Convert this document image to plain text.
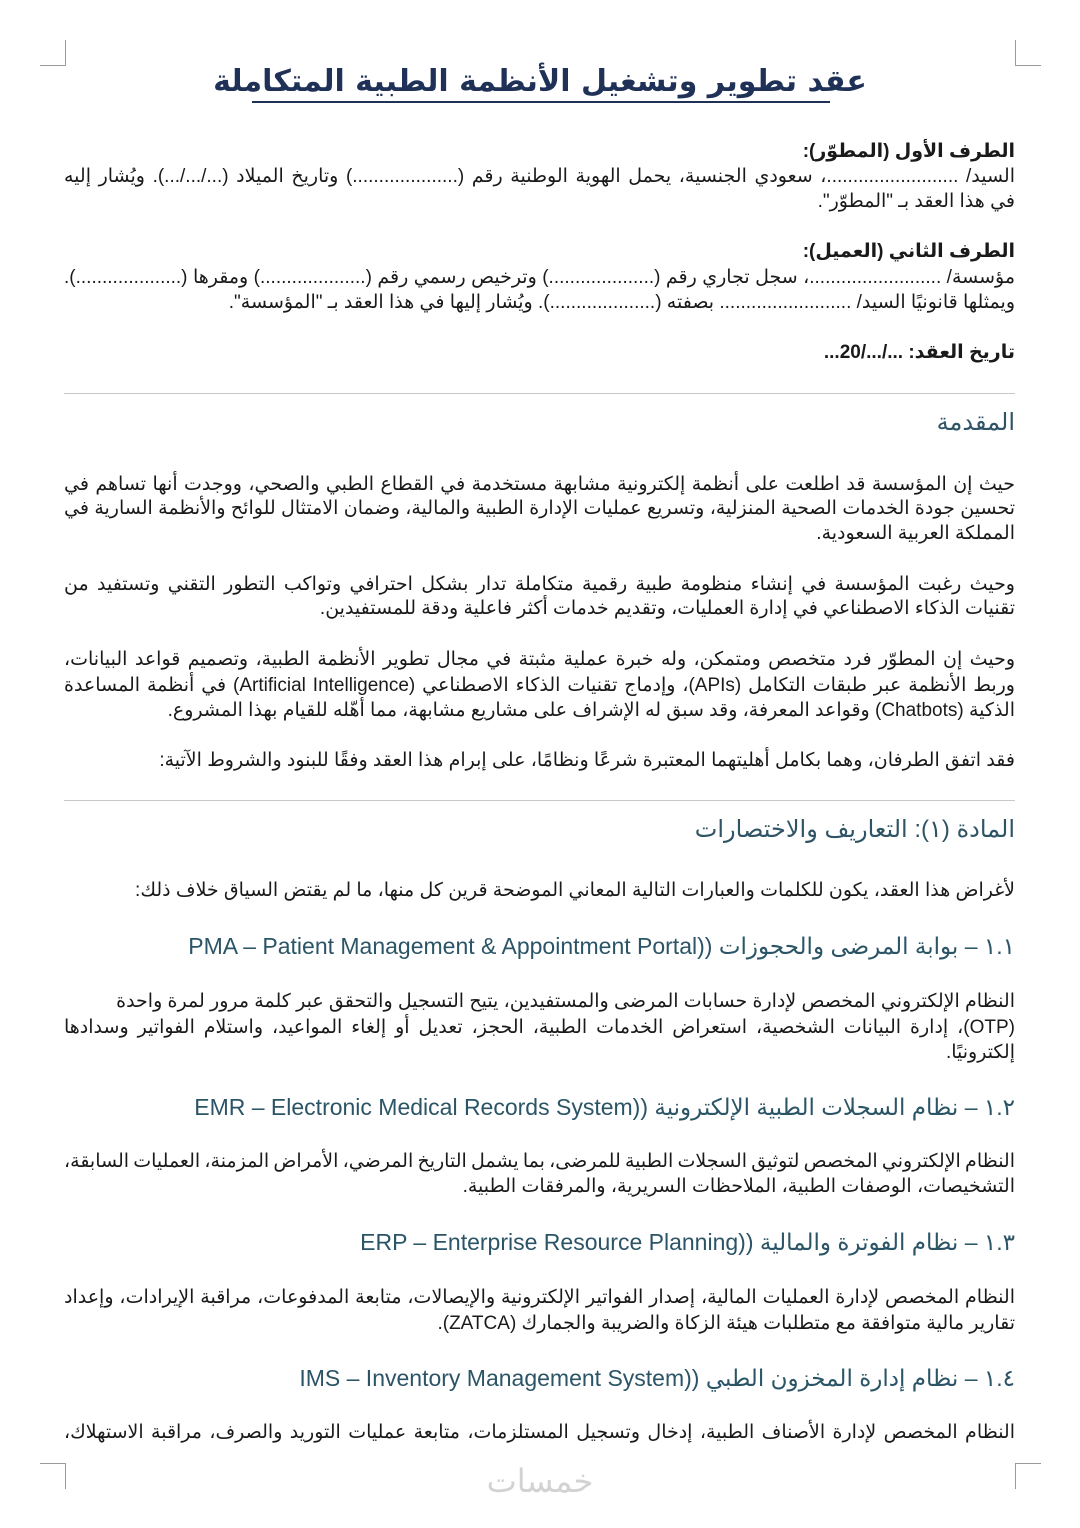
عقد تطوير وتشغيل الأنظمة الطبية المتكاملة
الطرف الأول (المطوّر):
السيد/ .........................، سعودي الجنسية، يحمل الهوية الوطنية رقم (....................) وتاريخ الميلاد (.../.../...). ويُشار إليه
في هذا العقد بـ "المطوّر".
الطرف الثاني (العميل):
مؤسسة/ .........................، سجل تجاري رقم (....................) وترخيص رسمي رقم (....................) ومقرها (....................).
ويمثلها قانونيًا السيد/ ......................... بصفته (....................). ويُشار إليها في هذا العقد بـ "المؤسسة".
تاريخ العقد: .../.../20...
المقدمة
حيث إن المؤسسة قد اطلعت على أنظمة إلكترونية مشابهة مستخدمة في القطاع الطبي والصحي، ووجدت أنها تساهم في
تحسين جودة الخدمات الصحية المنزلية، وتسريع عمليات الإدارة الطبية والمالية، وضمان الامتثال للوائح والأنظمة السارية في
المملكة العربية السعودية.
وحيث رغبت المؤسسة في إنشاء منظومة طبية رقمية متكاملة تدار بشكل احترافي وتواكب التطور التقني وتستفيد من
تقنيات الذكاء الاصطناعي في إدارة العمليات، وتقديم خدمات أكثر فاعلية ودقة للمستفيدين.
وحيث إن المطوّر فرد متخصص ومتمكن، وله خبرة عملية مثبتة في مجال تطوير الأنظمة الطبية، وتصميم قواعد البيانات،
وربط الأنظمة عبر طبقات التكامل (APIs)، وإدماج تقنيات الذكاء الاصطناعي (Artificial Intelligence) في أنظمة المساعدة
الذكية (Chatbots) وقواعد المعرفة، وقد سبق له الإشراف على مشاريع مشابهة، مما أهّله للقيام بهذا المشروع.
فقد اتفق الطرفان، وهما بكامل أهليتهما المعتبرة شرعًا ونظامًا، على إبرام هذا العقد وفقًا للبنود والشروط الآتية:
المادة (١): التعاريف والاختصارات
لأغراض هذا العقد، يكون للكلمات والعبارات التالية المعاني الموضحة قرين كل منها، ما لم يقتض السياق خلاف ذلك:
١.١ – بوابة المرضى والحجوزات ((PMA – Patient Management & Appointment Portal
النظام الإلكتروني المخصص لإدارة حسابات المرضى والمستفيدين، يتيح التسجيل والتحقق عبر كلمة مرور لمرة واحدة
(OTP)، إدارة البيانات الشخصية، استعراض الخدمات الطبية، الحجز، تعديل أو إلغاء المواعيد، واستلام الفواتير وسدادها
إلكترونيًا.
١.٢ – نظام السجلات الطبية الإلكترونية ((EMR – Electronic Medical Records System
النظام الإلكتروني المخصص لتوثيق السجلات الطبية للمرضى، بما يشمل التاريخ المرضي، الأمراض المزمنة، العمليات السابقة،
التشخيصات، الوصفات الطبية، الملاحظات السريرية، والمرفقات الطبية.
١.٣ – نظام الفوترة والمالية ((ERP – Enterprise Resource Planning
النظام المخصص لإدارة العمليات المالية، إصدار الفواتير الإلكترونية والإيصالات، متابعة المدفوعات، مراقبة الإيرادات، وإعداد
تقارير مالية متوافقة مع متطلبات هيئة الزكاة والضريبة والجمارك (ZATCA).
١.٤ – نظام إدارة المخزون الطبي ((IMS – Inventory Management System
النظام المخصص لإدارة الأصناف الطبية، إدخال وتسجيل المستلزمات، متابعة عمليات التوريد والصرف، مراقبة الاستهلاك،
خمسات
